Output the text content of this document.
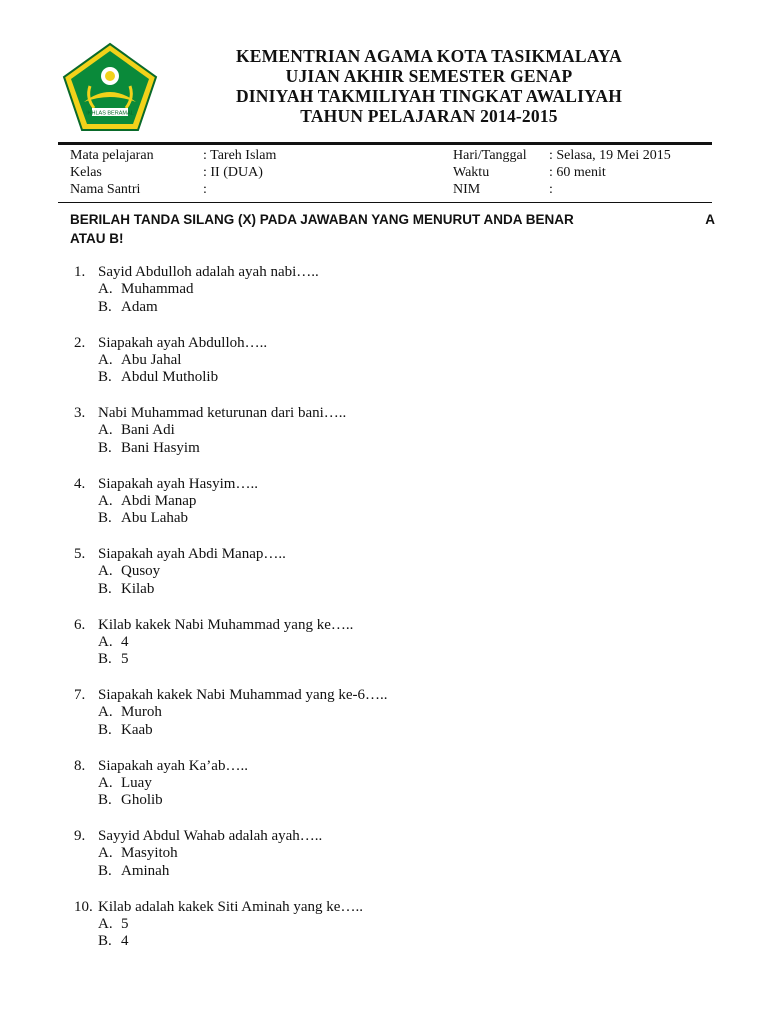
IKHLAS BERAMAL
KEMENTRIAN AGAMA KOTA TASIKMALAYA
UJIAN AKHIR SEMESTER GENAP
DINIYAH TAKMILIYAH TINGKAT AWALIYAH
TAHUN PELAJARAN 2014-2015
Mata pelajaran	: Tareh Islam	Hari/Tanggal : Selasa, 19 Mei 2015
Kelas	: II (DUA)	Waktu	: 60 menit
Nama Santri	:	NIM	:
BERILAH TANDA SILANG (X) PADA JAWABAN YANG MENURUT ANDA BENAR	A
ATAU B!
1. Sayid Abdulloh adalah ayah nabi…..
A. Muhammad
B. Adam
2. Siapakah ayah Abdulloh…..
A. Abu Jahal
B. Abdul Mutholib
3. Nabi Muhammad keturunan dari bani…..
A. Bani Adi
B. Bani Hasyim
4. Siapakah ayah Hasyim…..
A. Abdi Manap
B. Abu Lahab
5. Siapakah ayah Abdi Manap…..
A. Qusoy
B. Kilab
6. Kilab kakek Nabi Muhammad yang ke…..
A. 4
B. 5
7. Siapakah kakek Nabi Muhammad yang ke-6…..
A. Muroh
B. Kaab
8. Siapakah ayah Ka’ab…..
A. Luay
B. Gholib
9. Sayyid Abdul Wahab adalah ayah…..
A. Masyitoh
B. Aminah
10. Kilab adalah kakek Siti Aminah yang ke…..
A. 5
B. 4
